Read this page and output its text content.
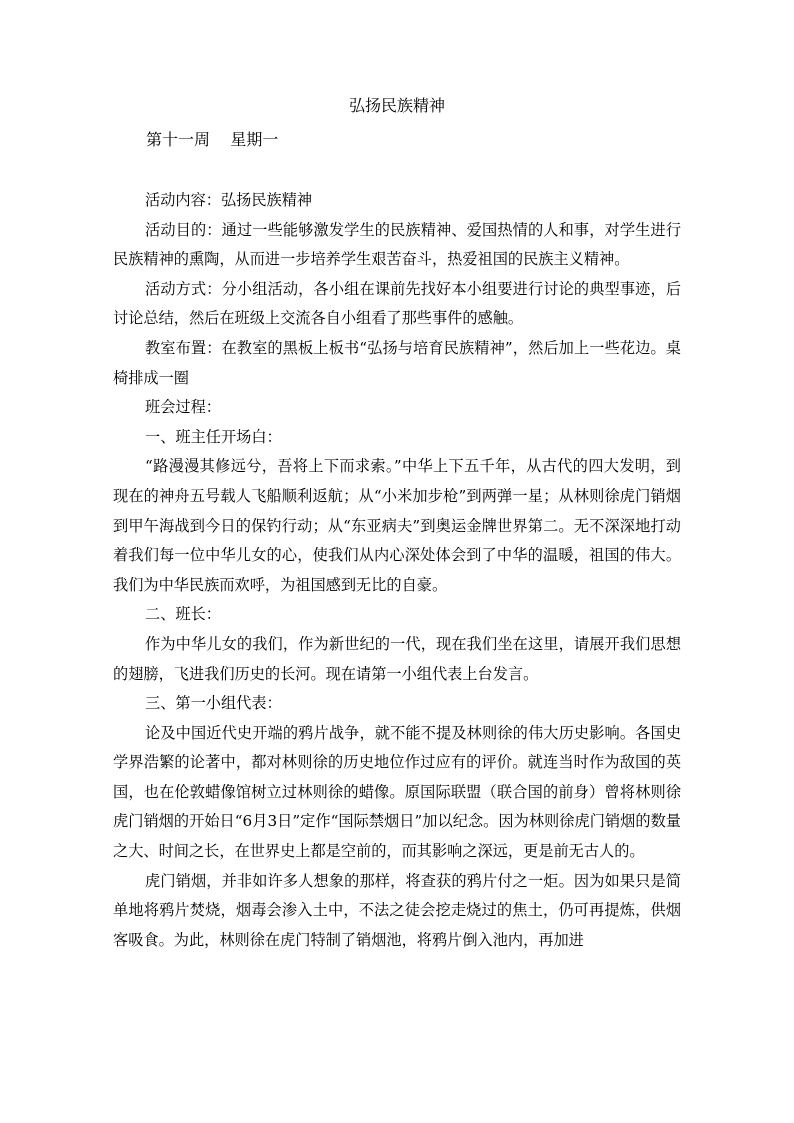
弘扬民族精神
第十一周    星期一

活动内容：弘扬民族精神

活动目的：通过一些能够激发学生的民族精神、爱国热情的人和事，对学生进行民族精神的熏陶，从而进一步培养学生艰苦奋斗，热爱祖国的民族主义精神。

活动方式：分小组活动，各小组在课前先找好本小组要进行讨论的典型事迹，后讨论总结，然后在班级上交流各自小组看了那些事件的感触。

教室布置：在教室的黑板上板书“弘扬与培育民族精神”，然后加上一些花边。桌椅排成一圈

班会过程：

一、班主任开场白：

“路漫漫其修远兮，吾将上下而求索。”中华上下五千年，从古代的四大发明，到现在的神舟五号载人飞船顺利返航；从“小米加步枪”到两弹一星；从林则徐虎门销烟到甲午海战到今日的保钓行动；从“东亚病夫”到奥运金牌世界第二。无不深深地打动着我们每一位中华儿女的心，使我们从内心深处体会到了中华的温暖，祖国的伟大。我们为中华民族而欢呼，为祖国感到无比的自豪。

二、班长：

作为中华儿女的我们，作为新世纪的一代，现在我们坐在这里，请展开我们思想的翅膀，飞进我们历史的长河。现在请第一小组代表上台发言。

三、第一小组代表：

论及中国近代史开端的鸦片战争，就不能不提及林则徐的伟大历史影响。各国史学界浩繁的论著中，都对林则徐的历史地位作过应有的评价。就连当时作为敌国的英国，也在伦敦蜡像馆树立过林则徐的蜡像。原国际联盟（联合国的前身）曾将林则徐虎门销烟的开始日“6月3日”定作“国际禁烟日”加以纪念。因为林则徐虎门销烟的数量之大、时间之长，在世界史上都是空前的，而其影响之深远，更是前无古人的。

虎门销烟，并非如许多人想象的那样，将查获的鸦片付之一炬。因为如果只是简单地将鸦片焚烧，烟毒会渗入土中，不法之徒会挖走烧过的焦土，仍可再提炼，供烟客吸食。为此，林则徐在虎门特制了销烟池，将鸦片倒入池内，再加进
